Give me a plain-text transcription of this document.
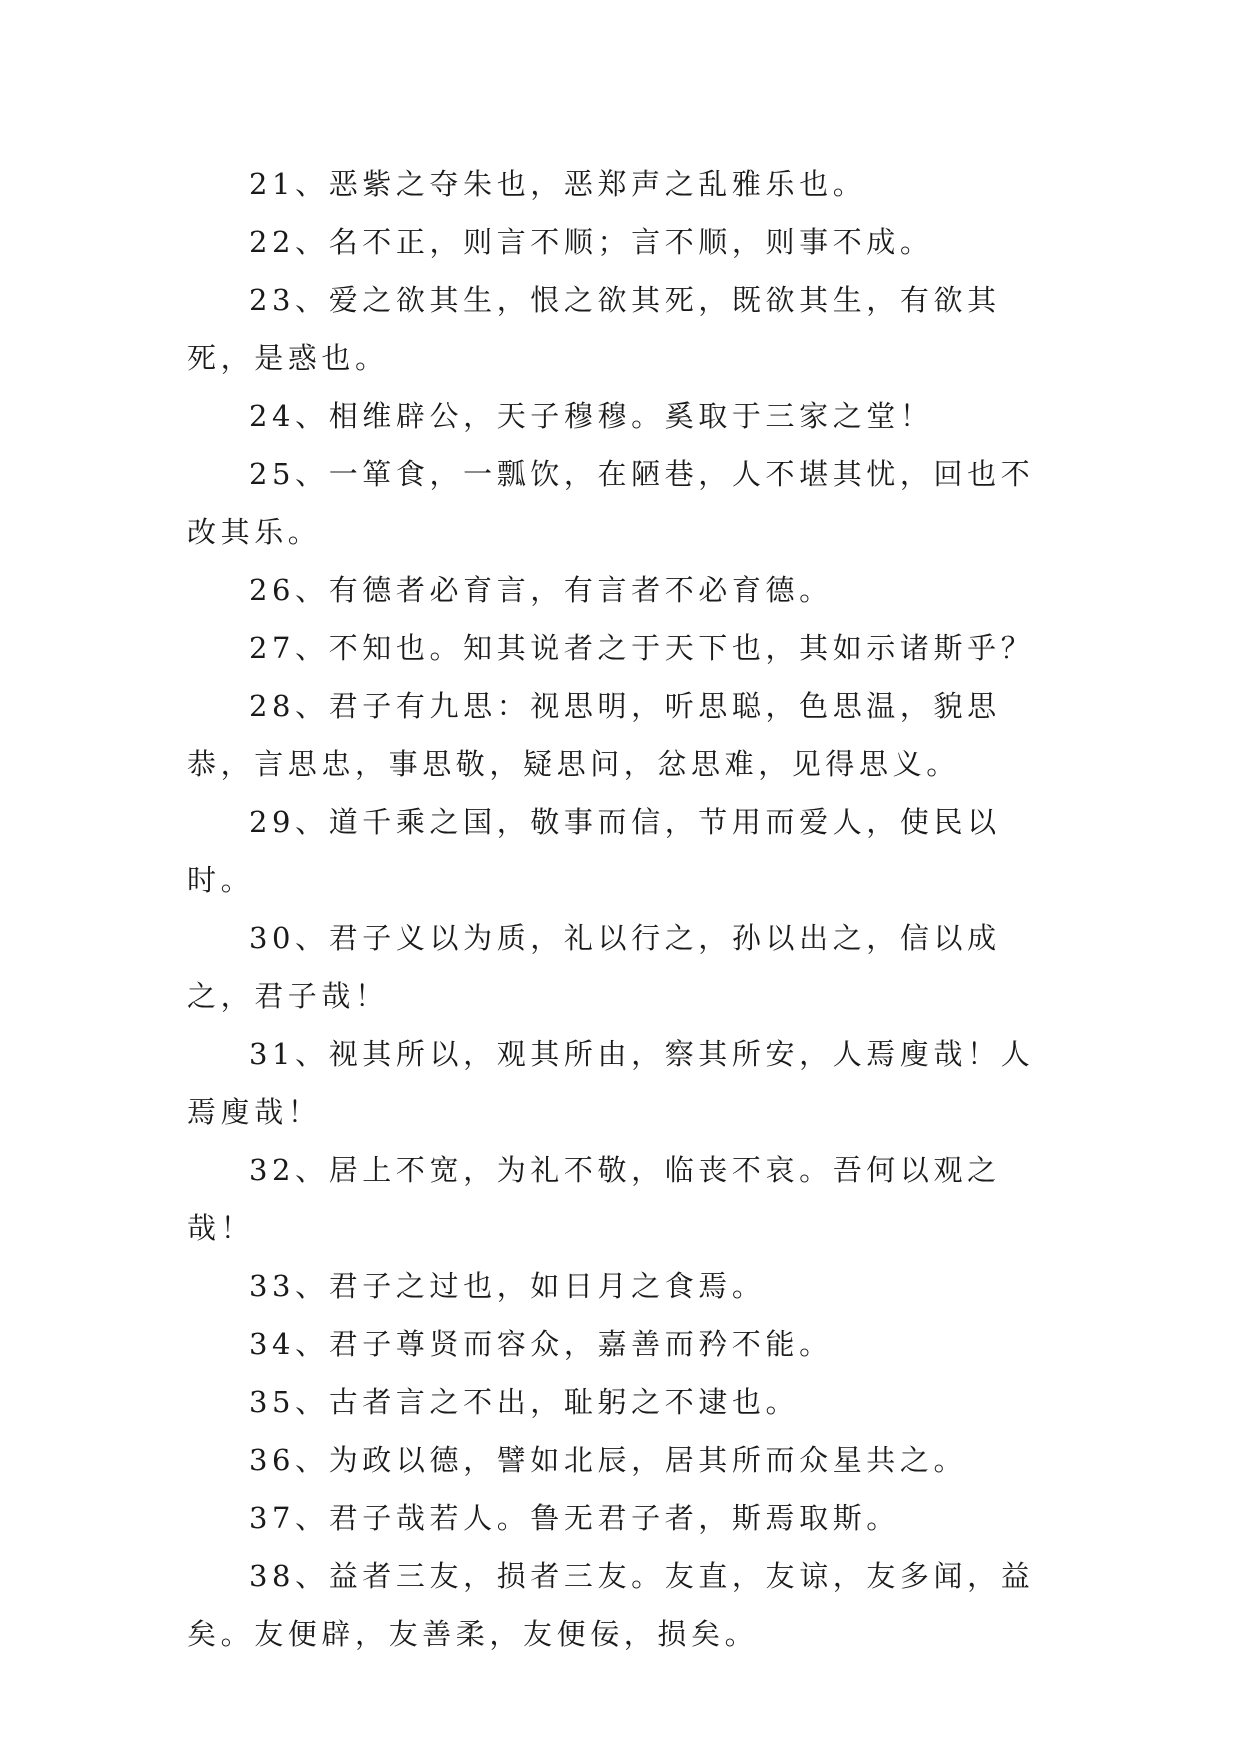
21、恶紫之夺朱也，恶郑声之乱雅乐也。

22、名不正，则言不顺；言不顺，则事不成。

23、爱之欲其生，恨之欲其死，既欲其生，有欲其死，是惑也。

24、相维辟公，天子穆穆。奚取于三家之堂！

25、一箪食，一瓢饮，在陋巷，人不堪其忧，回也不改其乐。

26、有德者必育言，有言者不必育德。

27、不知也。知其说者之于天下也，其如示诸斯乎？

28、君子有九思：视思明，听思聪，色思温，貌思恭，言思忠，事思敬，疑思问，忿思难，见得思义。

29、道千乘之国，敬事而信，节用而爱人，使民以时。

30、君子义以为质，礼以行之，孙以出之，信以成之，君子哉！

31、视其所以，观其所由，察其所安，人焉廋哉！人焉廋哉！

32、居上不宽，为礼不敬，临丧不哀。吾何以观之哉！

33、君子之过也，如日月之食焉。

34、君子尊贤而容众，嘉善而矜不能。

35、古者言之不出，耻躬之不逮也。

36、为政以德，譬如北辰，居其所而众星共之。

37、君子哉若人。鲁无君子者，斯焉取斯。

38、益者三友，损者三友。友直，友谅，友多闻，益矣。友便辟，友善柔，友便佞，损矣。
